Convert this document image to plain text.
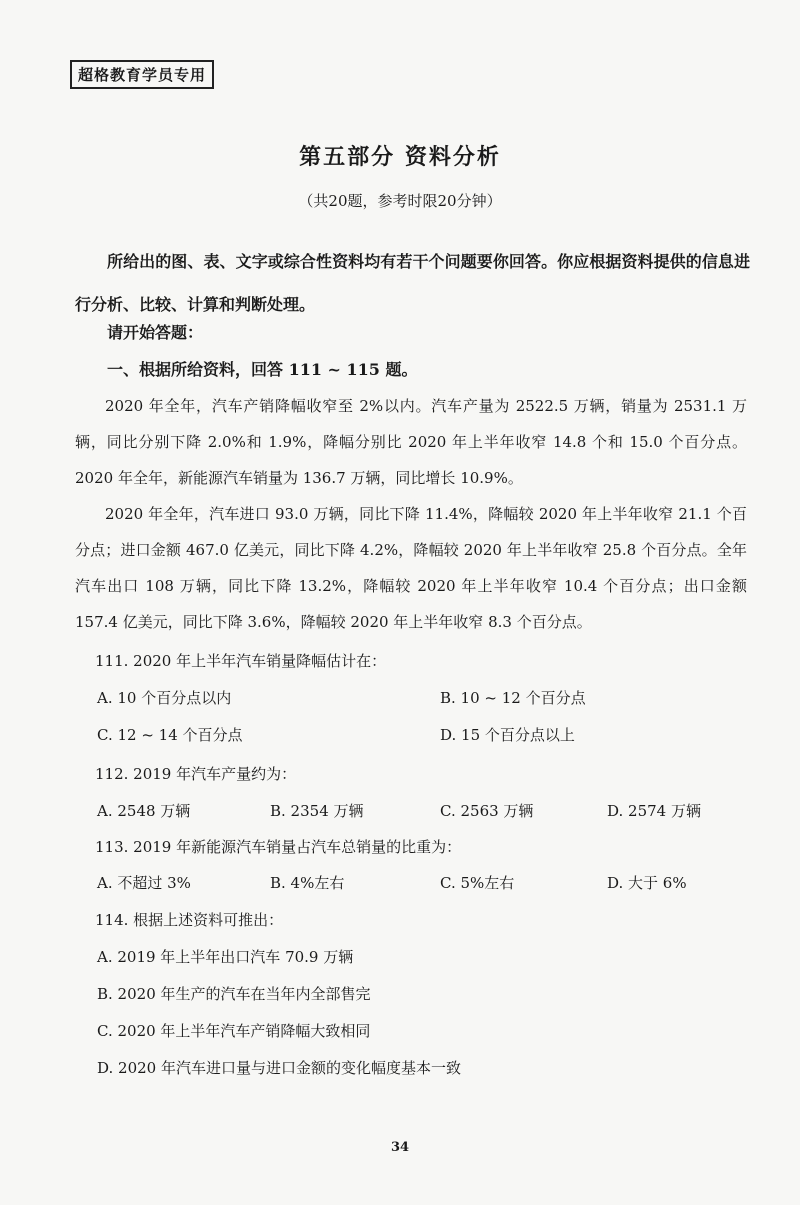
超格教育学员专用
第五部分 资料分析
（共20题，参考时限20分钟）
所给出的图、表、文字或综合性资料均有若干个问题要你回答。你应根据资料提供的信息进行分析、比较、计算和判断处理。
请开始答题：
一、根据所给资料，回答 111 ~ 115 题。
2020 年全年，汽车产销降幅收窄至 2%以内。汽车产量为 2522.5 万辆，销量为 2531.1 万辆，同比分别下降 2.0%和 1.9%，降幅分别比 2020 年上半年收窄 14.8 个和 15.0 个百分点。2020 年全年，新能源汽车销量为 136.7 万辆，同比增长 10.9%。
2020 年全年，汽车进口 93.0 万辆，同比下降 11.4%，降幅较 2020 年上半年收窄 21.1 个百分点；进口金额 467.0 亿美元，同比下降 4.2%，降幅较 2020 年上半年收窄 25.8 个百分点。全年汽车出口 108 万辆，同比下降 13.2%，降幅较 2020 年上半年收窄 10.4 个百分点；出口金额 157.4 亿美元，同比下降 3.6%，降幅较 2020 年上半年收窄 8.3 个百分点。
111. 2020 年上半年汽车销量降幅估计在：
A. 10 个百分点以内	B. 10 ~ 12 个百分点
C. 12 ~ 14 个百分点	D. 15 个百分点以上
112. 2019 年汽车产量约为：
A. 2548 万辆	B. 2354 万辆	C. 2563 万辆	D. 2574 万辆
113. 2019 年新能源汽车销量占汽车总销量的比重为：
A. 不超过 3%	B. 4%左右	C. 5%左右	D. 大于 6%
114. 根据上述资料可推出：
A. 2019 年上半年出口汽车 70.9 万辆
B. 2020 年生产的汽车在当年内全部售完
C. 2020 年上半年汽车产销降幅大致相同
D. 2020 年汽车进口量与进口金额的变化幅度基本一致
34
